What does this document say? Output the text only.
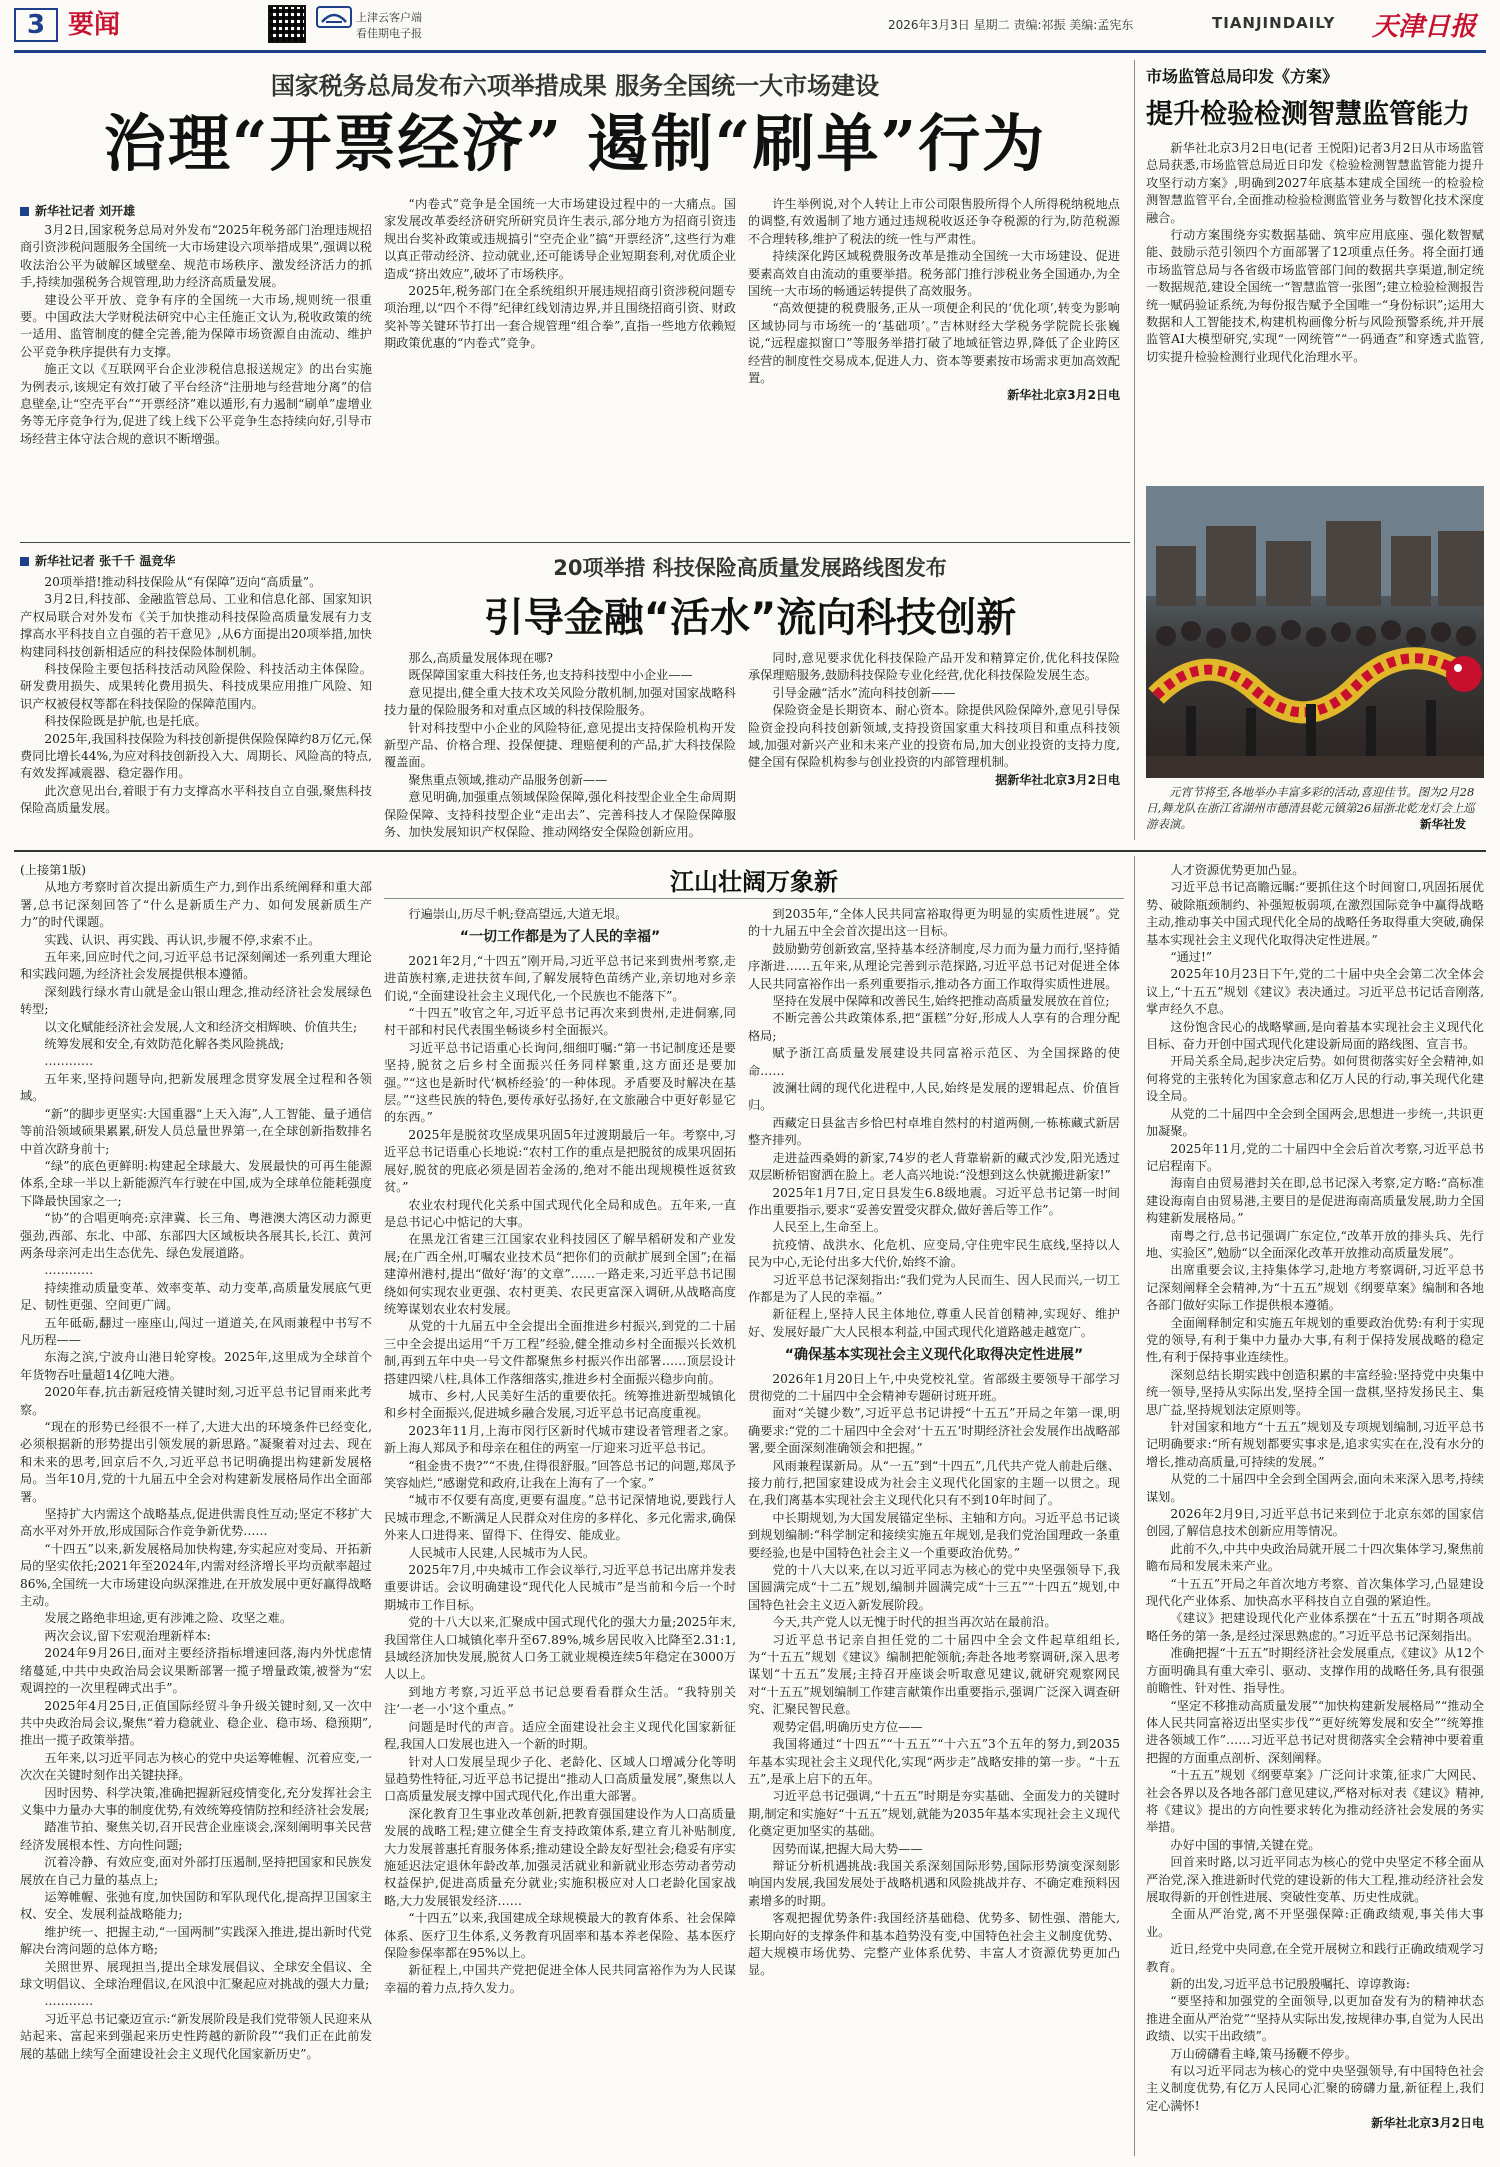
3 要闻	上津云客户端
看佳期电子报
2026年3月3日 星期二 责编:祁振 美编:孟宪东	TIANJINDAILY 天津日报
国家税务总局发布六项举措成果 服务全国统一大市场建设
治理“开票经济” 遏制“刷单”行为
新华社记者 刘开雄

3月2日,国家税务总局对外发布“2025年税务部门治理违规招商引资涉税问题服务全国统一大市场建设六项举措成果”,强调以税收法治公平为破解区域壁垒、规范市场秩序、激发经济活力的抓手,持续加强税务合规管理,助力经济高质量发展。

建设公平开放、竞争有序的全国统一大市场,规则统一很重要。中国政法大学财税法研究中心主任施正文认为,税收政策的统一适用、监管制度的健全完善,能为保障市场资源自由流动、维护公平竞争秩序提供有力支撑。

施正文以《互联网平台企业涉税信息报送规定》的出台实施为例表示,该规定有效打破了平台经济“注册地与经营地分离”的信息壁垒,让“空壳平台”“开票经济”难以遁形,有力遏制“刷单”虚增业务等无序竞争行为,促进了线上线下公平竞争生态持续向好,引导市场经营主体守法合规的意识不断增强。

“内卷式”竞争是全国统一大市场建设过程中的一大痛点。国家发展改革委经济研究所研究员许生表示,部分地方为招商引资违规出台奖补政策或违规搞引“空壳企业”搞“开票经济”,这些行为难以真正带动经济、拉动就业,还可能诱导企业短期套利,对优质企业造成“挤出效应”,破坏了市场秩序。

2025年,税务部门在全系统组织开展违规招商引资涉税问题专项治理,以“四个不得”纪律红线划清边界,并且围绕招商引资、财政奖补等关键环节打出一套合规管理“组合拳”,直指一些地方依赖短期政策优惠的“内卷式”竞争。

许生举例说,对个人转让上市公司限售股所得个人所得税纳税地点的调整,有效遏制了地方通过违规税收返还争夺税源的行为,防范税源不合理转移,维护了税法的统一性与严肃性。

持续深化跨区域税费服务改革是推动全国统一大市场建设、促进要素高效自由流动的重要举措。税务部门推行涉税业务全国通办,为全国统一大市场的畅通运转提供了高效服务。

“高效便捷的税费服务,正从一项便企利民的‘优化项’,转变为影响区域协同与市场统一的‘基础项’。”吉林财经大学税务学院院长张巍说,“远程虚拟窗口”等服务举措打破了地域征管边界,降低了企业跨区经营的制度性交易成本,促进人力、资本等要素按市场需求更加高效配置。

新华社北京3月2日电

市场监管总局印发《方案》
提升检验检测智慧监管能力

新华社北京3月2日电(记者 王悦阳)记者3月2日从市场监管总局获悉,市场监管总局近日印发《检验检测智慧监管能力提升攻坚行动方案》,明确到2027年底基本建成全国统一的检验检测智慧监管平台,全面推动检验检测监管业务与数智化技术深度融合。

行动方案围绕夯实数据基础、筑牢应用底座、强化数智赋能、鼓励示范引领四个方面部署了12项重点任务。将全面打通市场监管总局与各省级市场监管部门间的数据共享渠道,制定统一数据规范,建设全国统一“智慧监管一张图”;建立检验检测报告统一赋码验证系统,为每份报告赋予全国唯一“身份标识”;运用大数据和人工智能技术,构建机构画像分析与风险预警系统,并开展监管AI大模型研究,实现“一网统管”“一码通查”和穿透式监管,切实提升检验检测行业现代化治理水平。

元宵节将至,各地举办丰富多彩的活动,喜迎佳节。图为2月28日,舞龙队在浙江省湖州市德清县乾元镇第26届浙北乾龙灯会上巡游表演。	新华社发
新华社记者 张千千 温竞华	20项举措 科技保险高质量发展路线图发布
引导金融“活水”流向科技创新

20项举措!推动科技保险从“有保障”迈向“高质量”。

3月2日,科技部、金融监管总局、工业和信息化部、国家知识产权局联合对外发布《关于加快推动科技保险高质量发展有力支撑高水平科技自立自强的若干意见》,从6方面提出20项举措,加快构建同科技创新相适应的科技保险体制机制。

科技保险主要包括科技活动风险保险、科技活动主体保险。研发费用损失、成果转化费用损失、科技成果应用推广风险、知识产权被侵权等都在科技保险的保障范围内。

科技保险既是护航,也是托底。

2025年,我国科技保险为科技创新提供保险保障约8万亿元,保费同比增长44%,为应对科技创新投入大、周期长、风险高的特点,有效发挥减震器、稳定器作用。

此次意见出台,着眼于有力支撑高水平科技自立自强,聚焦科技保险高质量发展。

那么,高质量发展体现在哪?

既保障国家重大科技任务,也支持科技型中小企业——

意见提出,健全重大技术攻关风险分散机制,加强对国家战略科技力量的保险服务和对重点区域的科技保险服务。

针对科技型中小企业的风险特征,意见提出支持保险机构开发新型产品、价格合理、投保便捷、理赔便利的产品,扩大科技保险覆盖面。

聚焦重点领域,推动产品服务创新——

意见明确,加强重点领域保险保障,强化科技型企业全生命周期保险保障、支持科技型企业“走出去”、完善科技人才保险保障服务、加快发展知识产权保险、推动网络安全保险创新应用。

同时,意见要求优化科技保险产品开发和精算定价,优化科技保险承保理赔服务,鼓励科技保险专业化经营,优化科技保险发展生态。

引导金融“活水”流向科技创新——

保险资金是长期资本、耐心资本。除提供风险保障外,意见引导保险资金投向科技创新领域,支持投资国家重大科技项目和重点科技领域,加强对新兴产业和未来产业的投资布局,加大创业投资的支持力度,健全国有保险机构参与创业投资的内部管理机制。

据新华社北京3月2日电

江山壮阔万象新

(上接第1版)

从地方考察时首次提出新质生产力,到作出系统阐释和重大部署,总书记深刻回答了“什么是新质生产力、如何发展新质生产力”的时代课题。

实践、认识、再实践、再认识,步履不停,求索不止。

五年来,回应时代之问,习近平总书记深刻阐述一系列重大理论和实践问题,为经济社会发展提供根本遵循。

深刻践行绿水青山就是金山银山理念,推动经济社会发展绿色转型;

以文化赋能经济社会发展,人文和经济交相辉映、价值共生;

统筹发展和安全,有效防范化解各类风险挑战;

…………

五年来,坚持问题导向,把新发展理念贯穿发展全过程和各领域。

“新”的脚步更坚实:大国重器“上天入海”,人工智能、量子通信等前沿领域硕果累累,研发人员总量世界第一,在全球创新指数排名中首次跻身前十;

“绿”的底色更鲜明:构建起全球最大、发展最快的可再生能源体系,全球一半以上新能源汽车行驶在中国,成为全球单位能耗强度下降最快国家之一;

“协”的合唱更响亮:京津冀、长三角、粤港澳大湾区动力源更强劲,西部、东北、中部、东部四大区域板块各展其长,长江、黄河两条母亲河走出生态优先、绿色发展道路。

…………

持续推动质量变革、效率变革、动力变革,高质量发展底气更足、韧性更强、空间更广阔。

五年砥砺,翻过一座座山,闯过一道道关,在风雨兼程中书写不凡历程——

东海之滨,宁波舟山港日轮穿梭。2025年,这里成为全球首个年货物吞吐量超14亿吨大港。

2020年春,抗击新冠疫情关键时刻,习近平总书记冒雨来此考察。

“现在的形势已经很不一样了,大进大出的环境条件已经变化,必须根据新的形势提出引领发展的新思路。”凝聚着对过去、现在和未来的思考,回京后不久,习近平总书记明确提出构建新发展格局。当年10月,党的十九届五中全会对构建新发展格局作出全面部署。

坚持扩大内需这个战略基点,促进供需良性互动;坚定不移扩大高水平对外开放,形成国际合作竞争新优势……

“十四五”以来,新发展格局加快构建,夯实起应对变局、开拓新局的坚实依托;2021年至2024年,内需对经济增长平均贡献率超过86%,全国统一大市场建设向纵深推进,在开放发展中更好赢得战略主动。

发展之路绝非坦途,更有涉滩之险、攻坚之难。

两次会议,留下宏观治理新样本:

2024年9月26日,面对主要经济指标增速回落,海内外忧虑情绪蔓延,中共中央政治局会议果断部署一揽子增量政策,被誉为“宏观调控的一次里程碑式出手”。

2025年4月25日,正值国际经贸斗争升级关键时刻,又一次中共中央政治局会议,聚焦“着力稳就业、稳企业、稳市场、稳预期”,推出一揽子政策举措。

五年来,以习近平同志为核心的党中央运筹帷幄、沉着应变,一次次在关键时刻作出关键抉择。

因时因势、科学决策,准确把握新冠疫情变化,充分发挥社会主义集中力量办大事的制度优势,有效统筹疫情防控和经济社会发展;

踏准节拍、聚焦关切,召开民营企业座谈会,深刻阐明事关民营经济发展根本性、方向性问题;

沉着冷静、有效应变,面对外部打压遏制,坚持把国家和民族发展放在自己力量的基点上;

运筹帷幄、张弛有度,加快国防和军队现代化,提高捍卫国家主权、安全、发展利益战略能力;

维护统一、把握主动,“一国两制”实践深入推进,提出新时代党解决台湾问题的总体方略;

关照世界、展现担当,提出全球发展倡议、全球安全倡议、全球文明倡议、全球治理倡议,在风浪中汇聚起应对挑战的强大力量;

…………

习近平总书记豪迈宣示:“新发展阶段是我们党带领人民迎来从站起来、富起来到强起来历史性跨越的新阶段”“我们正在此前发展的基础上续写全面建设社会主义现代化国家新历史”。

行遍崇山,历尽千帆;登高望远,大道无垠。

“一切工作都是为了人民的幸福”

2021年2月,“十四五”刚开局,习近平总书记来到贵州考察,走进苗族村寨,走进扶贫车间,了解发展特色苗绣产业,亲切地对乡亲们说,“全面建设社会主义现代化,一个民族也不能落下”。

“十四五”收官之年,习近平总书记再次来到贵州,走进侗寨,同村干部和村民代表围坐畅谈乡村全面振兴。

习近平总书记语重心长询问,细细叮嘱:“第一书记制度还是要坚持,脱贫之后乡村全面振兴任务同样繁重,这方面还是要加强。”“这也是新时代‘枫桥经验’的一种体现。矛盾要及时解决在基层。”“这些民族的特色,要传承好弘扬好,在文旅融合中更好彰显它的东西。”

2025年是脱贫攻坚成果巩固5年过渡期最后一年。考察中,习近平总书记语重心长地说:“农村工作的重点是把脱贫的成果巩固拓展好,脱贫的兜底必须是固若金汤的,绝对不能出现规模性返贫致贫。”

农业农村现代化关系中国式现代化全局和成色。五年来,一直是总书记心中惦记的大事。

在黑龙江省建三江国家农业科技园区了解旱稻研发和产业发展;在广西全州,叮嘱农业技术员“把你们的贡献扩展到全国”;在福建漳州港村,提出“做好‘海’的文章”……一路走来,习近平总书记围绕如何实现农业更强、农村更美、农民更富深入调研,从战略高度统筹谋划农业农村发展。

从党的十九届五中全会提出全面推进乡村振兴,到党的二十届三中全会提出运用“千万工程”经验,健全推动乡村全面振兴长效机制,再到五年中央一号文件都聚焦乡村振兴作出部署……顶层设计搭建四梁八柱,具体工作落细落实,推进乡村全面振兴稳步向前。

城市、乡村,人民美好生活的重要依托。统筹推进新型城镇化和乡村全面振兴,促进城乡融合发展,习近平总书记高度重视。

2023年11月,上海市闵行区新时代城市建设者管理者之家。新上海人郑凤予和母亲在租住的两室一厅迎来习近平总书记。

“租金贵不贵?”“不贵,住得很舒服。”回答总书记的问题,郑凤予笑容灿烂,“感谢党和政府,让我在上海有了一个家。”

“城市不仅要有高度,更要有温度。”总书记深情地说,要践行人民城市理念,不断满足人民群众对住房的多样化、多元化需求,确保外来人口进得来、留得下、住得安、能成业。

人民城市人民建,人民城市为人民。

2025年7月,中央城市工作会议举行,习近平总书记出席并发表重要讲话。会议明确建设“现代化人民城市”是当前和今后一个时期城市工作目标。

党的十八大以来,汇聚成中国式现代化的强大力量;2025年末,我国常住人口城镇化率升至67.89%,城乡居民收入比降至2.31:1,县域经济加快发展,脱贫人口务工就业规模连续5年稳定在3000万人以上。

到地方考察,习近平总书记总要看看群众生活。“我特别关注‘一老一小’这个重点。”

问题是时代的声音。适应全面建设社会主义现代化国家新征程,我国人口发展也进入一个新的时期。

针对人口发展呈现少子化、老龄化、区域人口增减分化等明显趋势性特征,习近平总书记提出“推动人口高质量发展”,聚焦以人口高质量发展支撑中国式现代化,作出重大部署。

深化教育卫生事业改革创新,把教育强国建设作为人口高质量发展的战略工程;建立健全生育支持政策体系,建立育儿补贴制度,大力发展普惠托育服务体系;推动建设全龄友好型社会;稳妥有序实施延迟法定退休年龄改革,加强灵活就业和新就业形态劳动者劳动权益保护,促进高质量充分就业;实施积极应对人口老龄化国家战略,大力发展银发经济……

“十四五”以来,我国建成全球规模最大的教育体系、社会保障体系、医疗卫生体系,义务教育巩固率和基本养老保险、基本医疗保险参保率都在95%以上。

新征程上,中国共产党把促进全体人民共同富裕作为为人民谋幸福的着力点,持久发力。

到2035年,“全体人民共同富裕取得更为明显的实质性进展”。党的十九届五中全会首次提出这一目标。

鼓励勤劳创新致富,坚持基本经济制度,尽力而为量力而行,坚持循序渐进……五年来,从理论完善到示范探路,习近平总书记对促进全体人民共同富裕作出一系列重要指示,推动各方面工作取得实质性进展。

坚持在发展中保障和改善民生,始终把推动高质量发展放在首位;

不断完善公共政策体系,把“蛋糕”分好,形成人人享有的合理分配格局;

赋予浙江高质量发展建设共同富裕示范区、为全国探路的使命……

波澜壮阔的现代化进程中,人民,始终是发展的逻辑起点、价值旨归。

西藏定日县盆吉乡恰巴村卓堆自然村的村道两侧,一栋栋藏式新居整齐排列。

走进益西桑姆的新家,74岁的老人背靠崭新的藏式沙发,阳光透过双层断桥铝窗洒在脸上。老人高兴地说:“没想到这么快就搬进新家!”

2025年1月7日,定日县发生6.8级地震。习近平总书记第一时间作出重要指示,要求“妥善安置受灾群众,做好善后等工作”。

人民至上,生命至上。

抗疫情、战洪水、化危机、应变局,守住兜牢民生底线,坚持以人民为中心,无论付出多大代价,始终不渝。

习近平总书记深刻指出:“我们党为人民而生、因人民而兴,一切工作都是为了人民的幸福。”

新征程上,坚持人民主体地位,尊重人民首创精神,实现好、维护好、发展好最广大人民根本利益,中国式现代化道路越走越宽广。

“确保基本实现社会主义现代化取得决定性进展”

2026年1月20日上午,中央党校礼堂。省部级主要领导干部学习贯彻党的二十届四中全会精神专题研讨班开班。

面对“关键少数”,习近平总书记讲授“十五五”开局之年第一课,明确要求:“党的二十届四中全会对‘十五五’时期经济社会发展作出战略部署,要全面深刻准确领会和把握。”

风雨兼程谋新局。从“一五”到“十四五”,几代共产党人前赴后继、接力前行,把国家建设成为社会主义现代化国家的主题一以贯之。现在,我们离基本实现社会主义现代化只有不到10年时间了。

中长期规划,为大国发展锚定坐标、主轴和方向。习近平总书记谈到规划编制:“科学制定和接续实施五年规划,是我们党治国理政一条重要经验,也是中国特色社会主义一个重要政治优势。”

党的十八大以来,在以习近平同志为核心的党中央坚强领导下,我国圆满完成“十二五”规划,编制并圆满完成“十三五”“十四五”规划,中国特色社会主义迈入新发展阶段。

今天,共产党人以无愧于时代的担当再次站在最前沿。

习近平总书记亲自担任党的二十届四中全会文件起草组组长,为“十五五”规划《建议》编制把舵领航;奔赴各地考察调研,深入思考谋划“十五五”发展;主持召开座谈会听取意见建议,就研究观察网民对“十五五”规划编制工作建言献策作出重要指示,强调广泛深入调查研究、汇聚民智民意。

观势定倡,明确历史方位——

我国将通过“十四五”“十五五”“十六五”3个五年的努力,到2035年基本实现社会主义现代化,实现“两步走”战略安排的第一步。“十五五”,是承上启下的五年。

习近平总书记强调,“十五五”时期是夯实基础、全面发力的关键时期,制定和实施好“十五五”规划,就能为2035年基本实现社会主义现代化奠定更加坚实的基础。

因势而谋,把握大局大势——

辩证分析机遇挑战:我国关系深刻国际形势,国际形势演变深刻影响国内发展,我国发展处于战略机遇和风险挑战并存、不确定难预料因素增多的时期。

客观把握优势条件:我国经济基础稳、优势多、韧性强、潜能大,长期向好的支撑条件和基本趋势没有变,中国特色社会主义制度优势、超大规模市场优势、完整产业体系优势、丰富人才资源优势更加凸显。

人才资源优势更加凸显。

习近平总书记高瞻远瞩:“要抓住这个时间窗口,巩固拓展优势、破除瓶颈制约、补强短板弱项,在激烈国际竞争中赢得战略主动,推动事关中国式现代化全局的战略任务取得重大突破,确保基本实现社会主义现代化取得决定性进展。”

“通过!”

2025年10月23日下午,党的二十届中央全会第二次全体会议上,“十五五”规划《建议》表决通过。习近平总书记话音刚落,掌声经久不息。

这份饱含民心的战略擘画,是向着基本实现社会主义现代化目标、奋力开创中国式现代化建设新局面的路线图、宣言书。

开局关系全局,起步决定后势。如何贯彻落实好全会精神,如何将党的主张转化为国家意志和亿万人民的行动,事关现代化建设全局。

从党的二十届四中全会到全国两会,思想进一步统一,共识更加凝聚。

2025年11月,党的二十届四中全会后首次考察,习近平总书记启程南下。

海南自由贸易港封关在即,总书记深入考察,定方略:“高标准建设海南自由贸易港,主要目的是促进海南高质量发展,助力全国构建新发展格局。”

南粤之行,总书记强调广东定位,“改革开放的排头兵、先行地、实验区”,勉励“以全面深化改革开放推动高质量发展”。

出席重要会议,主持集体学习,赴地方考察调研,习近平总书记深刻阐释全会精神,为“十五五”规划《纲要草案》编制和各地各部门做好实际工作提供根本遵循。

全面阐释制定和实施五年规划的重要政治优势:有利于实现党的领导,有利于集中力量办大事,有利于保持发展战略的稳定性,有利于保持事业连续性。

深刻总结长期实践中创造积累的丰富经验:坚持党中央集中统一领导,坚持从实际出发,坚持全国一盘棋,坚持发扬民主、集思广益,坚持规划法定原则等。

针对国家和地方“十五五”规划及专项规划编制,习近平总书记明确要求:“所有规划都要实事求是,追求实实在在,没有水分的增长,推动高质量,可持续的发展。”

从党的二十届四中全会到全国两会,面向未来深入思考,持续谋划。

2026年2月9日,习近平总书记来到位于北京东郊的国家信创园,了解信息技术创新应用等情况。

此前不久,中共中央政治局就开展二十四次集体学习,聚焦前瞻布局和发展未来产业。

“十五五”开局之年首次地方考察、首次集体学习,凸显建设现代化产业体系、加快高水平科技自立自强的紧迫性。

《建议》把建设现代化产业体系摆在“十五五”时期各项战略任务的第一条,是经过深思熟虑的。”习近平总书记深刻指出。

准确把握“十五五”时期经济社会发展重点,《建议》从12个方面明确具有重大牵引、驱动、支撑作用的战略任务,具有很强前瞻性、针对性、指导性。

“坚定不移推动高质量发展”“加快构建新发展格局”“推动全体人民共同富裕迈出坚实步伐”“更好统筹发展和安全”“统筹推进各领域工作”……习近平总书记对贯彻落实全会精神中要着重把握的方面重点剖析、深刻阐释。

“十五五”规划《纲要草案》广泛问计求策,征求广大网民、社会各界以及各地各部门意见建议,严格对标对表《建议》精神,将《建议》提出的方向性要求转化为推动经济社会发展的务实举措。

办好中国的事情,关键在党。

回首来时路,以习近平同志为核心的党中央坚定不移全面从严治党,深入推进新时代党的建设新的伟大工程,推动经济社会发展取得新的开创性进展、突破性变革、历史性成就。

全面从严治党,离不开坚强保障:正确政绩观,事关伟大事业。

近日,经党中央同意,在全党开展树立和践行正确政绩观学习教育。

新的出发,习近平总书记殷殷嘱托、谆谆教诲:

“要坚持和加强党的全面领导,以更加奋发有为的精神状态推进全面从严治党”“坚持从实际出发,按规律办事,自觉为人民出政绩、以实干出政绩”。

万山磅礴看主峰,策马扬鞭不停步。

有以习近平同志为核心的党中央坚强领导,有中国特色社会主义制度优势,有亿万人民同心汇聚的磅礴力量,新征程上,我们定心满怀!

新华社北京3月2日电
